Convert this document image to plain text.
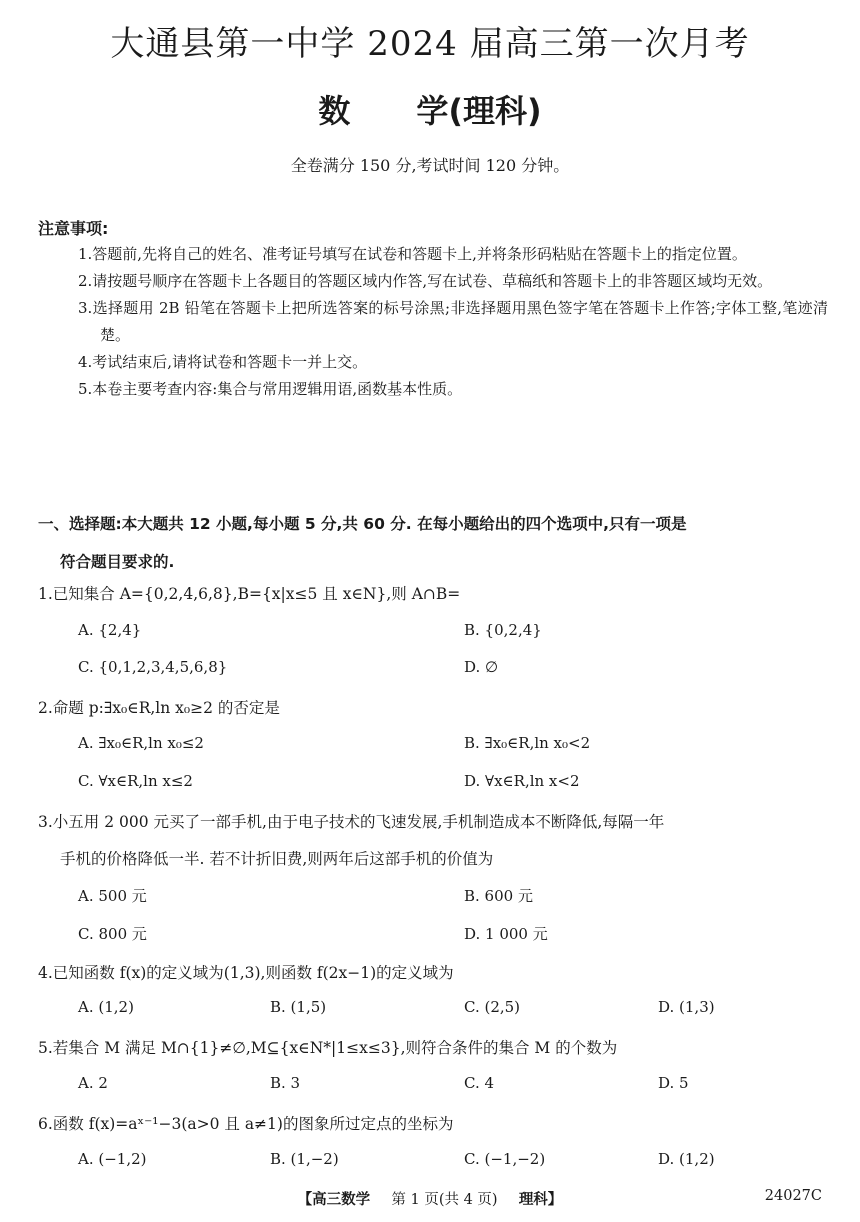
大通县第一中学 2024 届高三第一次月考
数 学(理科)
全卷满分 150 分,考试时间 120 分钟。
注意事项:
1.答题前,先将自己的姓名、准考证号填写在试卷和答题卡上,并将条形码粘贴在答题卡上的指定位置。
2.请按题号顺序在答题卡上各题目的答题区域内作答,写在试卷、草稿纸和答题卡上的非答题区域均无效。
3.选择题用 2B 铅笔在答题卡上把所选答案的标号涂黑;非选择题用黑色签字笔在答题卡上作答;字体工整,笔迹清楚。
4.考试结束后,请将试卷和答题卡一并上交。
5.本卷主要考查内容:集合与常用逻辑用语,函数基本性质。
一、选择题:本大题共 12 小题,每小题 5 分,共 60 分. 在每小题给出的四个选项中,只有一项是
符合题目要求的.
1.已知集合 A={0,2,4,6,8},B={x|x≤5 且 x∈N},则 A∩B=
A. {2,4}	B. {0,2,4}
C. {0,1,2,3,4,5,6,8}	D. ∅
2.命题 p:∃x₀∈R,ln x₀≥2 的否定是
A. ∃x₀∈R,ln x₀≤2	B. ∃x₀∈R,ln x₀<2
C. ∀x∈R,ln x≤2	D. ∀x∈R,ln x<2
3.小五用 2 000 元买了一部手机,由于电子技术的飞速发展,手机制造成本不断降低,每隔一年
手机的价格降低一半. 若不计折旧费,则两年后这部手机的价值为
A. 500 元	B. 600 元
C. 800 元	D. 1 000 元
4.已知函数 f(x)的定义域为(1,3),则函数 f(2x−1)的定义域为
A. (1,2)	B. (1,5)	C. (2,5)	D. (1,3)
5.若集合 M 满足 M∩{1}≠∅,M⊆{x∈N*|1≤x≤3},则符合条件的集合 M 的个数为
A. 2	B. 3	C. 4	D. 5
6.函数 f(x)=aˣ⁻¹−3(a>0 且 a≠1)的图象所过定点的坐标为
A. (−1,2)	B. (1,−2)	C. (−1,−2)	D. (1,2)
【高三数学 第 1 页(共 4 页) 理科】	24027C
